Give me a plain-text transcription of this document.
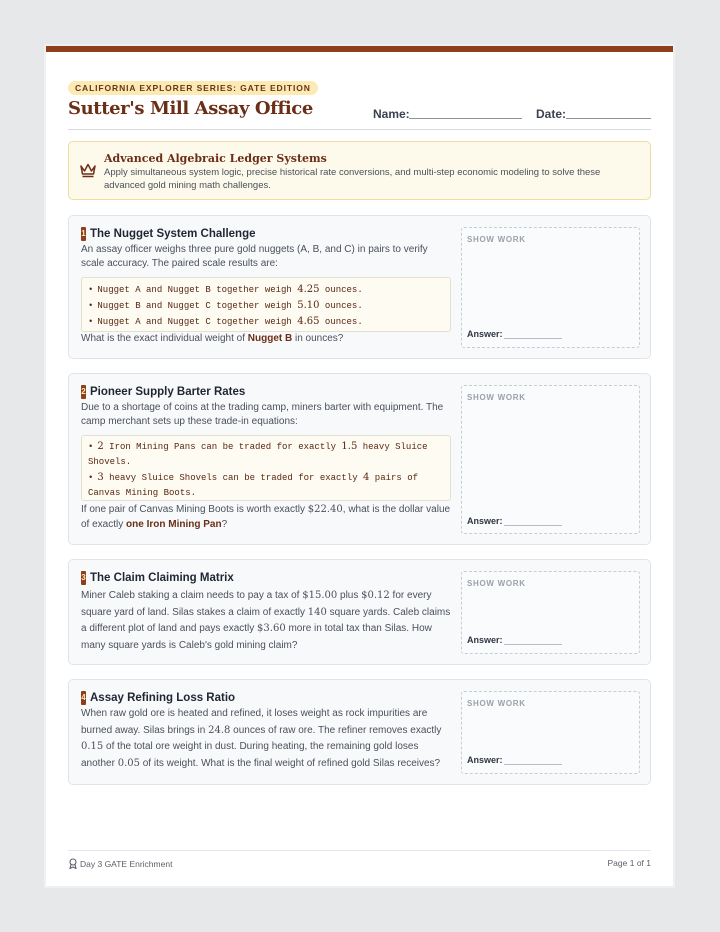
CALIFORNIA EXPLORER SERIES: GATE EDITION
Sutter's Mill Assay Office	Name:	Date:
Advanced Algebraic Ledger Systems
Apply simultaneous system logic, precise historical rate conversions, and multi-step economic modeling to solve these advanced gold mining math challenges.
1 The Nugget System Challenge
An assay officer weighs three pure gold nuggets (A, B, and C) in pairs to verify scale accuracy. The paired scale results are:
• Nugget A and Nugget B together weigh 4.25 ounces.
• Nugget B and Nugget C together weigh 5.10 ounces.
• Nugget A and Nugget C together weigh 4.65 ounces.
What is the exact individual weight of Nugget B in ounces?
SHOW WORK
Answer:
2 Pioneer Supply Barter Rates
Due to a shortage of coins at the trading camp, miners barter with equipment. The camp merchant sets up these trade-in equations:
• 2 Iron Mining Pans can be traded for exactly 1.5 heavy Sluice Shovels.
• 3 heavy Sluice Shovels can be traded for exactly 4 pairs of Canvas Mining Boots.
If one pair of Canvas Mining Boots is worth exactly $22.40, what is the dollar value of exactly one Iron Mining Pan?
SHOW WORK
Answer:
3 The Claim Claiming Matrix
Miner Caleb staking a claim needs to pay a tax of $15.00 plus $0.12 for every square yard of land. Silas stakes a claim of exactly 140 square yards. Caleb claims a different plot of land and pays exactly $3.60 more in total tax than Silas. How many square yards is Caleb's gold mining claim?
SHOW WORK
Answer:
4 Assay Refining Loss Ratio
When raw gold ore is heated and refined, it loses weight as rock impurities are burned away. Silas brings in 24.8 ounces of raw ore. The refiner removes exactly 0.15 of the total ore weight in dust. During heating, the remaining gold loses another 0.05 of its weight. What is the final weight of refined gold Silas receives?
SHOW WORK
Answer:
Day 3 GATE Enrichment	Page 1 of 1
